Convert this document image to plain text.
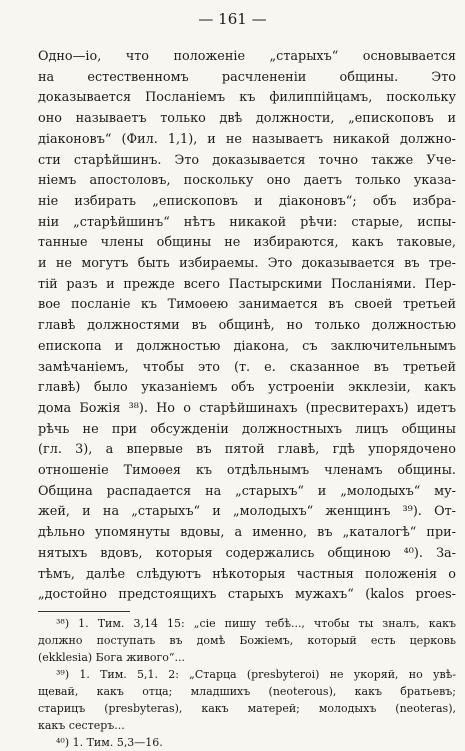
— 161 —
Одно—io, что положеніе „старыхъ“ основывается
на естественномъ расчлененіи общины. Это
доказывается Посланіемъ къ филиппійцамъ, поскольку
оно называетъ только двѣ должности, „епископовъ и
діаконовъ“ (Фил. 1,1), и не называетъ никакой должно-
сти старѣйшинъ. Это доказывается точно также Уче-
ніемъ апостоловъ, поскольку оно даетъ только указа-
ніе избирать „епископовъ и діаконовъ“; объ избра-
ніи „старѣйшинъ“ нѣтъ никакой рѣчи: старые, испы-
танные члены общины не избираются, какъ таковые,
и не могутъ быть избираемы. Это доказывается въ тре-
тій разъ и прежде всего Пастырскими Посланіями. Пер-
вое посланіе къ Тимоѳею занимается въ своей третьей
главѣ должностями въ общинѣ, но только должностью
епископа и должностью діакона, съ заключительнымъ
замѣчаніемъ, чтобы это (т. е. сказанное въ третьей
главѣ) было указаніемъ объ устроеніи экклезіи, какъ
дома Божія ³⁸). Но о старѣйшинахъ (пресвитерахъ) идетъ
рѣчь не при обсужденіи должностныхъ лицъ общины
(гл. 3), а впервые въ пятой главѣ, гдѣ упорядочено
отношеніе Тимоѳея къ отдѣльнымъ членамъ общины.
Община распадается на „старыхъ“ и „молодыхъ“ му-
жей, и на „старыхъ“ и „молодыхъ“ женщинъ ³⁹). От-
дѣльно упомянуты вдовы, а именно, въ „каталогѣ“ при-
нятыхъ вдовъ, которыя содержались общиною ⁴⁰). За-
тѣмъ, далѣе слѣдуютъ нѣкоторыя частныя положенія о
„достойно предстоящихъ старыхъ мужахъ“ (kalos proes-
³⁸) 1. Тим. 3,14 15: „сіе пишу тебѣ..., чтобы ты зналъ, какъ
должно поступать въ домѣ Божіемъ, который есть церковь
(ekklesia) Бога живого“...
³⁹) 1. Тим. 5,1. 2: „Старца (presbyteroi) не укоряй, но увѣ-
щевай, какъ отца; младшихъ (neoterous), какъ братьевъ;
старицъ (presbyteras), какъ матерей; молодыхъ (neoteras),
какъ сестеръ...
⁴⁰) 1. Тим. 5,3—16.
